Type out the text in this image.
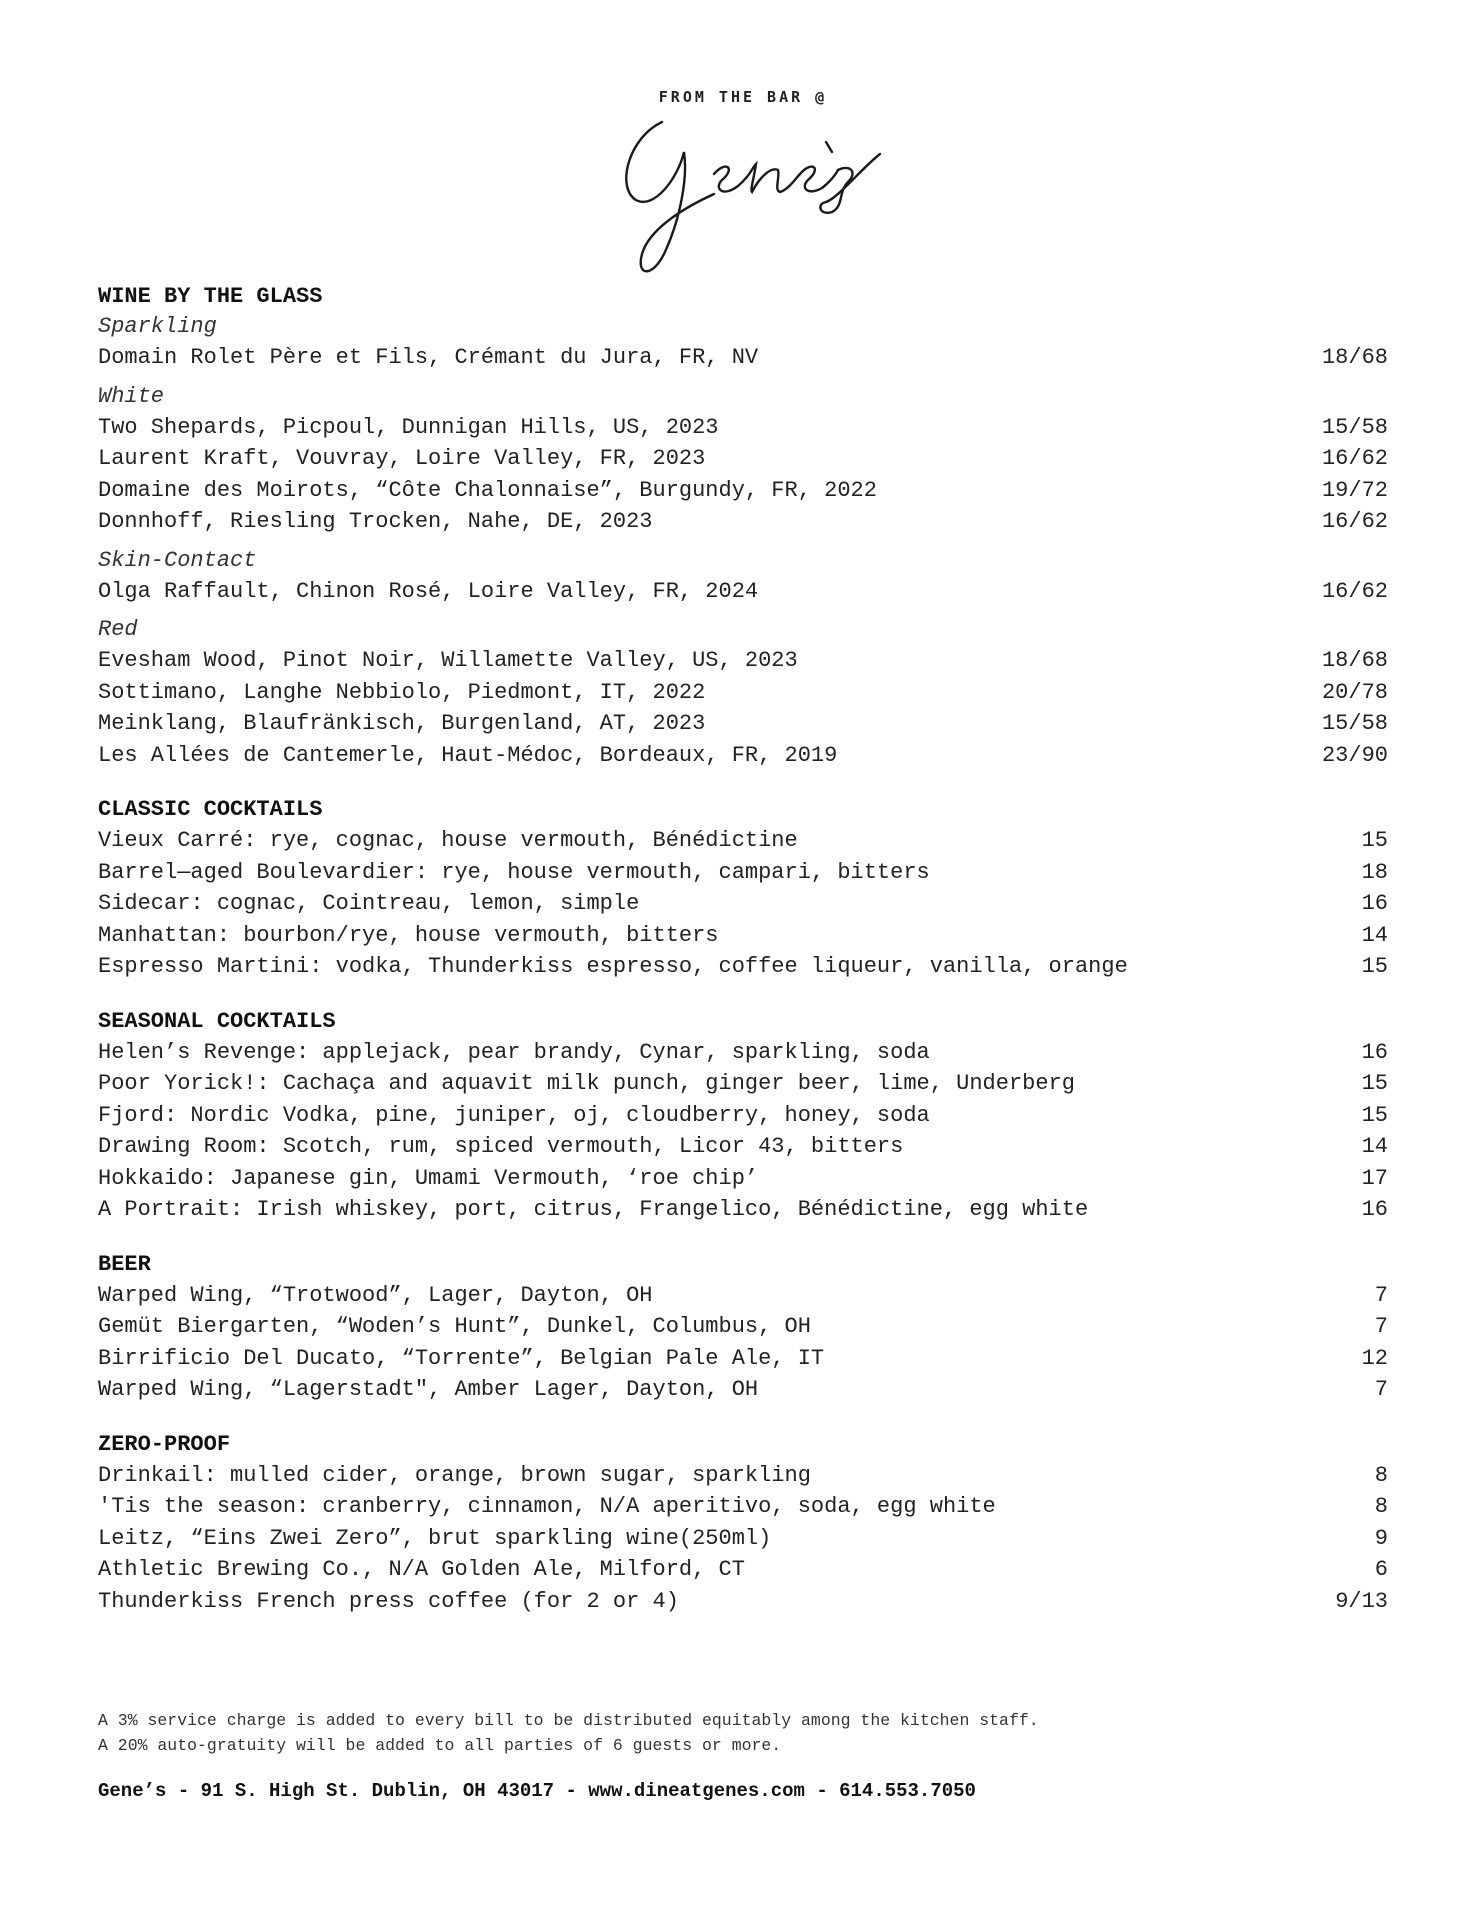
FROM THE BAR @
WINE BY THE GLASS
Sparkling
Domain Rolet Père et Fils, Crémant du Jura, FR, NV	18/68
White
Two Shepards, Picpoul, Dunnigan Hills, US, 2023	15/58
Laurent Kraft, Vouvray, Loire Valley, FR, 2023	16/62
Domaine des Moirots, “Côte Chalonnaise”, Burgundy, FR, 2022	19/72
Donnhoff, Riesling Trocken, Nahe, DE, 2023	16/62
Skin-Contact
Olga Raffault, Chinon Rosé, Loire Valley, FR, 2024	16/62
Red
Evesham Wood, Pinot Noir, Willamette Valley, US, 2023	18/68
Sottimano, Langhe Nebbiolo, Piedmont, IT, 2022	20/78
Meinklang, Blaufränkisch, Burgenland, AT, 2023	15/58
Les Allées de Cantemerle, Haut-Médoc, Bordeaux, FR, 2019	23/90
CLASSIC COCKTAILS
Vieux Carré: rye, cognac, house vermouth, Bénédictine	15
Barrel—aged Boulevardier: rye, house vermouth, campari, bitters	18
Sidecar: cognac, Cointreau, lemon, simple	16
Manhattan: bourbon/rye, house vermouth, bitters	14
Espresso Martini: vodka, Thunderkiss espresso, coffee liqueur, vanilla, orange	15
SEASONAL COCKTAILS
Helen’s Revenge: applejack, pear brandy, Cynar, sparkling, soda	16
Poor Yorick!: Cachaça and aquavit milk punch, ginger beer, lime, Underberg	15
Fjord: Nordic Vodka, pine, juniper, oj, cloudberry, honey, soda	15
Drawing Room: Scotch, rum, spiced vermouth, Licor 43, bitters	14
Hokkaido: Japanese gin, Umami Vermouth, ‘roe chip’	17
A Portrait: Irish whiskey, port, citrus, Frangelico, Bénédictine, egg white	16
BEER
Warped Wing, “Trotwood”, Lager, Dayton, OH	7
Gemüt Biergarten, “Woden’s Hunt”, Dunkel, Columbus, OH	7
Birrificio Del Ducato, “Torrente”, Belgian Pale Ale, IT	12
Warped Wing, “Lagerstadt", Amber Lager, Dayton, OH	7
ZERO-PROOF
Drinkail: mulled cider, orange, brown sugar, sparkling	8
'Tis the season: cranberry, cinnamon, N/A aperitivo, soda, egg white	8
Leitz, “Eins Zwei Zero”, brut sparkling wine(250ml)	9
Athletic Brewing Co., N/A Golden Ale, Milford, CT	6
Thunderkiss French press coffee (for 2 or 4)	9/13
A 3% service charge is added to every bill to be distributed equitably among the kitchen staff.
A 20% auto-gratuity will be added to all parties of 6 guests or more.
Gene’s - 91 S. High St. Dublin, OH 43017 - www.dineatgenes.com - 614.553.7050
